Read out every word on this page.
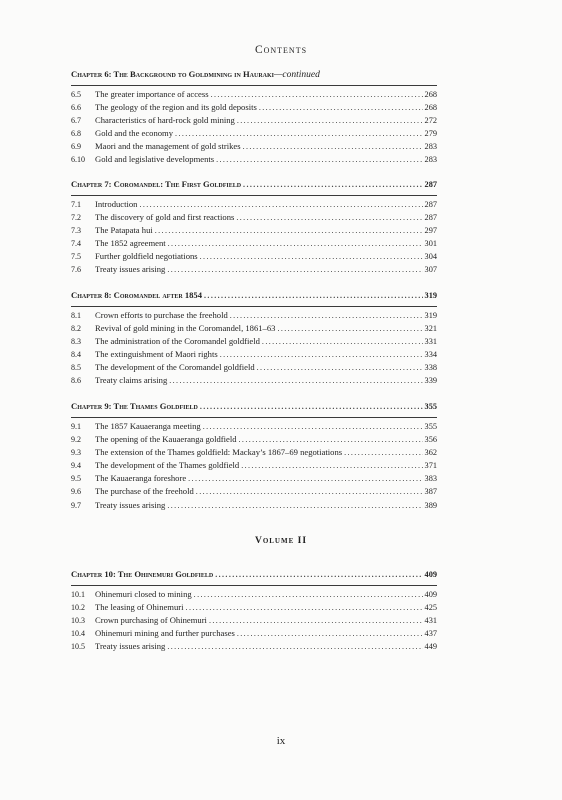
Contents
Chapter 6: The Background to Goldmining in Hauraki —continued
6.5	The greater importance of access .....	268
6.6	The geology of the region and its gold deposits .....	268
6.7	Characteristics of hard-rock gold mining .....	272
6.8	Gold and the economy .....	279
6.9	Maori and the management of gold strikes .....	283
6.10	Gold and legislative developments .....	283
Chapter 7: Coromandel: The First Goldfield .....	287
7.1	Introduction .....	287
7.2	The discovery of gold and first reactions .....	287
7.3	The Patapata hui .....	297
7.4	The 1852 agreement .....	301
7.5	Further goldfield negotiations .....	304
7.6	Treaty issues arising .....	307
Chapter 8: Coromandel after 1854 .....	319
8.1	Crown efforts to purchase the freehold .....	319
8.2	Revival of gold mining in the Coromandel, 1861–63 .....	321
8.3	The administration of the Coromandel goldfield .....	331
8.4	The extinguishment of Maori rights .....	334
8.5	The development of the Coromandel goldfield .....	338
8.6	Treaty claims arising .....	339
Chapter 9: The Thames Goldfield .....	355
9.1	The 1857 Kauaeranga meeting .....	355
9.2	The opening of the Kauaeranga goldfield .....	356
9.3	The extension of the Thames goldfield: Mackay’s 1867–69 negotiations .....	362
9.4	The development of the Thames goldfield .....	371
9.5	The Kauaeranga foreshore .....	383
9.6	The purchase of the freehold .....	387
9.7	Treaty issues arising .....	389
Volume II
Chapter 10: The Ohinemuri Goldfield .....	409
10.1	Ohinemuri closed to mining .....	409
10.2	The leasing of Ohinemuri .....	425
10.3	Crown purchasing of Ohinemuri .....	431
10.4	Ohinemuri mining and further purchases .....	437
10.5	Treaty issues arising .....	449
ix
